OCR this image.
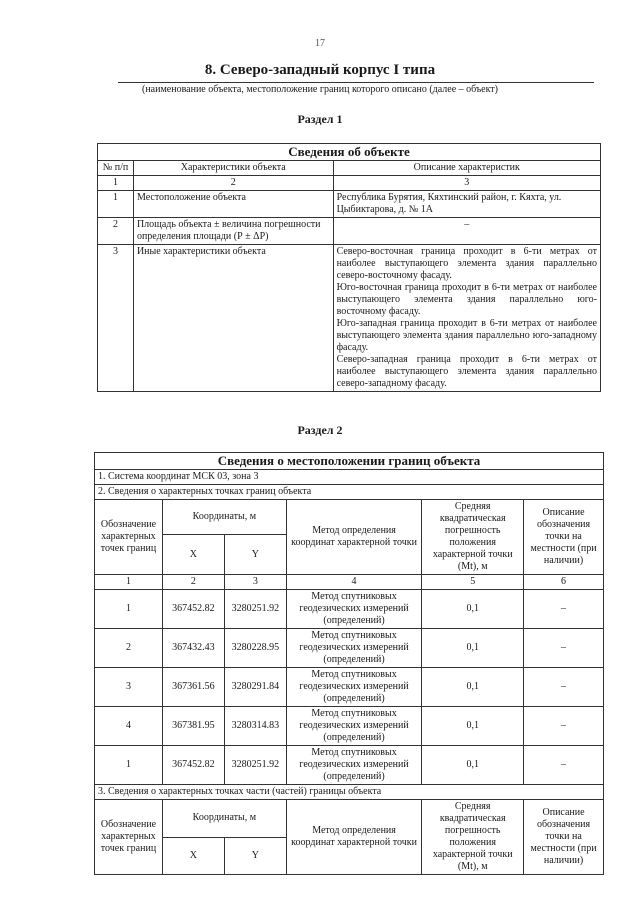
17
8. Северо-западный корпус I типа
(наименование объекта, местоположение границ которого описано (далее – объект)
Раздел 1
Сведения об объекте		
№ п/п	Характеристики объекта	Описание характеристик
1	2	3
1	Местоположение объекта	Республика Бурятия, Кяхтинский район, г. Кяхта, ул. Цыбиктарова, д. № 1А
2	Площадь объекта ± величина погрешности определения площади (Р ± ΔР)	–
3	Иные характеристики объекта	Северо-восточная граница проходит в 6-ти метрах от наиболее выступающего элемента здания параллельно северо-восточному фасаду.
Юго-восточная граница проходит в 6-ти метрах от наиболее выступающего элемента здания параллельно юго-восточному фасаду.
Юго-западная граница проходит в 6-ти метрах от наиболее выступающего элемента здания параллельно юго-западному фасаду.
Северо-западная граница проходит в 6-ти метрах от наиболее выступающего элемента здания параллельно северо-западному фасаду.
Раздел 2
Сведения о местоположении границ объекта					
1. Система координат МСК 03, зона 3					
2. Сведения о характерных точках границ объекта					
Обозначение характерных точек границ	Координаты, м		Метод определения координат характерной точки	Средняя квадратическая погрешность положения характерной точки (Mt), м	Описание обозначения точки на местности (при наличии)
	X	Y			
1	2	3	4	5	6
1	367452.82	3280251.92	Метод спутниковых геодезических измерений (определений)	0,1	–
2	367432.43	3280228.95	Метод спутниковых геодезических измерений (определений)	0,1	–
3	367361.56	3280291.84	Метод спутниковых геодезических измерений (определений)	0,1	–
4	367381.95	3280314.83	Метод спутниковых геодезических измерений (определений)	0,1	–
1	367452.82	3280251.92	Метод спутниковых геодезических измерений (определений)	0,1	–
3. Сведения о характерных точках части (частей) границы объекта					
Обозначение характерных точек границ	Координаты, м		Метод определения координат характерной точки	Средняя квадратическая погрешность положения характерной точки (Mt), м	Описание обозначения точки на местности (при наличии)
	X	Y			
